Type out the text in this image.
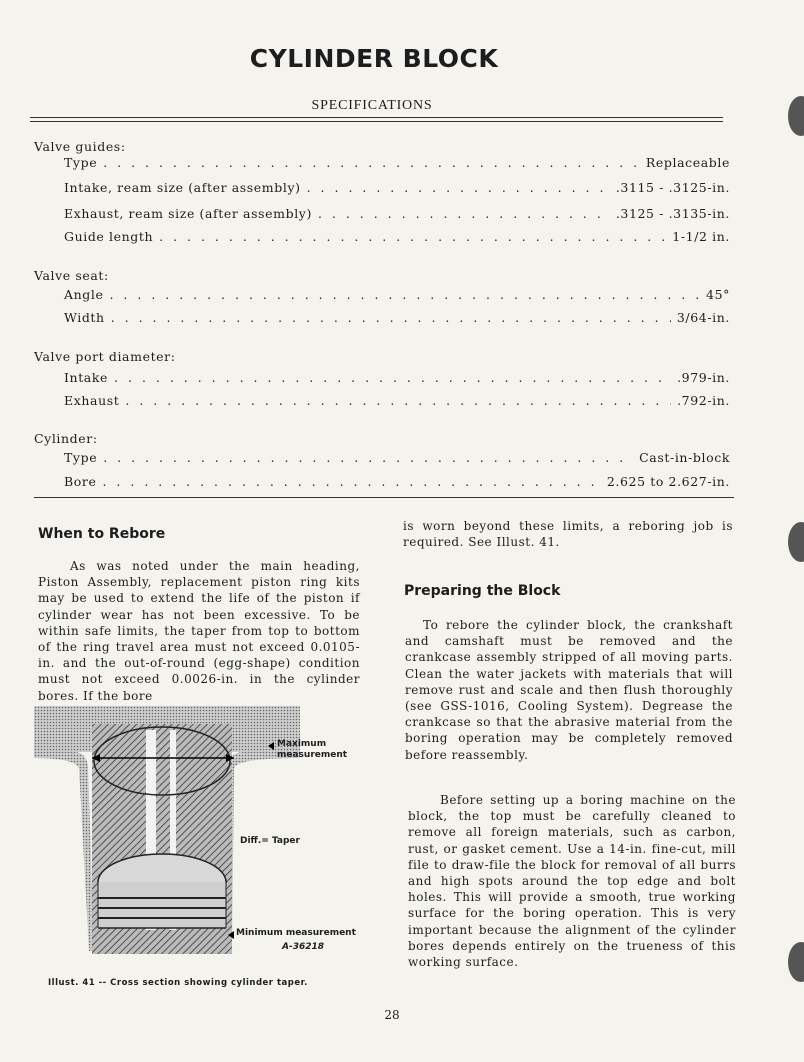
CYLINDER BLOCK
SPECIFICATIONS
Valve guides:
Type . . .	Replaceable
Intake, ream size (after assembly) . . .	.3115 - .3125-in.
Exhaust, ream size (after assembly) . . .	.3125 - .3135-in.
Guide length . . .	1-1/2 in.
Valve seat:
Angle . . .	45°
Width . . .	3/64-in.
Valve port diameter:
Intake . . .	.979-in.
Exhaust . . .	.792-in.
Cylinder:
Type . . .	Cast-in-block
Bore . . .	2.625 to 2.627-in.
When to Rebore
As was noted under the main heading, Piston Assembly, replacement piston ring kits may be used to extend the life of the piston if cylinder wear has not been excessive. To be within safe limits, the taper from top to bottom of the ring travel area must not exceed 0.0105-in. and the out-of-round (egg-shape) condition must not exceed 0.0026-in. in the cylinder bores. If the bore
Maximum measurement
Diff.= Taper
Minimum measurement
A-36218
Illust. 41 -- Cross section showing cylinder taper.
is worn beyond these limits, a reboring job is required. See Illust. 41.
Preparing the Block
To rebore the cylinder block, the crankshaft and camshaft must be removed and the crankcase assembly stripped of all moving parts. Clean the water jackets with materials that will remove rust and scale and then flush thoroughly (see GSS-1016, Cooling System). Degrease the crankcase so that the abrasive material from the boring operation may be completely removed before reassembly.
Before setting up a boring machine on the block, the top must be carefully cleaned to remove all foreign materials, such as carbon, rust, or gasket cement. Use a 14-in. fine-cut, mill file to draw-file the block for removal of all burrs and high spots around the top edge and bolt holes. This will provide a smooth, true working surface for the boring operation. This is very important because the alignment of the cylinder bores depends entirely on the trueness of this working surface.
28
